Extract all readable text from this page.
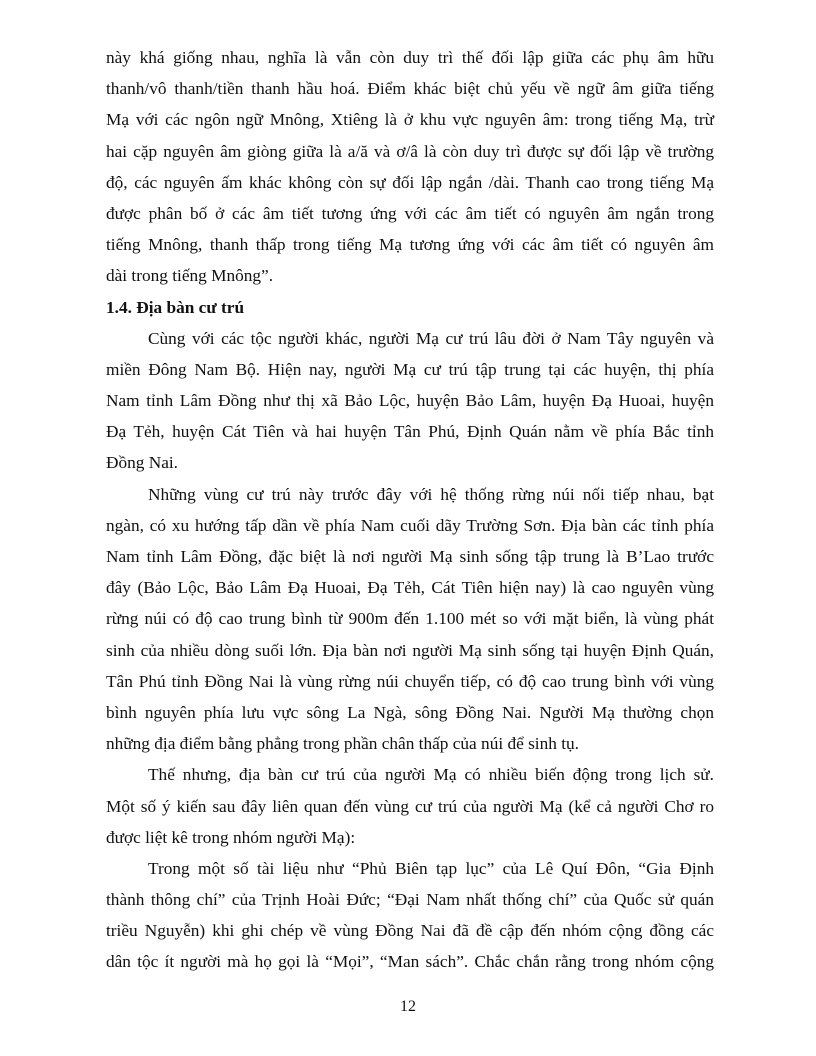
này khá giống nhau, nghĩa là vẫn còn duy trì thế đối lập giữa các phụ âm hữu
thanh/vô thanh/tiền thanh hầu hoá. Điểm khác biệt chủ yếu về ngữ âm giữa tiếng
Mạ với các ngôn ngữ Mnông, Xtiêng là ở khu vực nguyên âm: trong tiếng Mạ, trừ
hai cặp nguyên âm giòng giữa là a/ă và ơ/â là còn duy trì được sự đối lập về trường
độ, các nguyên ấm khác không còn sự đối lập ngắn /dài. Thanh cao trong tiếng Mạ
được phân bố ở các âm tiết tương ứng với các âm tiết có nguyên âm ngắn trong
tiếng Mnông, thanh thấp trong tiếng Mạ tương ứng với các âm tiết có nguyên âm
dài trong tiếng Mnông”.
1.4. Địa bàn cư trú
Cùng với các tộc người khác, người Mạ cư trú lâu đời ở Nam Tây nguyên và
miền Đông Nam Bộ. Hiện nay, người Mạ cư trú tập trung tại các huyện, thị phía
Nam tỉnh Lâm Đồng như thị xã Bảo Lộc, huyện Bảo Lâm, huyện Đạ Huoai, huyện
Đạ Tẻh, huyện Cát Tiên và hai huyện Tân Phú, Định Quán nằm về phía Bắc tỉnh
Đồng Nai.
Những vùng cư trú này trước đây với hệ thống rừng núi nối tiếp nhau, bạt
ngàn, có xu hướng tấp dần về phía Nam cuối dãy Trường Sơn. Địa bàn các tỉnh phía
Nam tỉnh Lâm Đồng, đặc biệt là nơi người Mạ sinh sống tập trung là B’Lao trước
đây (Bảo Lộc, Bảo Lâm Đạ Huoai, Đạ Tẻh, Cát Tiên hiện nay) là cao nguyên vùng
rừng núi có độ cao trung bình từ 900m đến 1.100 mét so với mặt biển, là vùng phát
sinh của nhiều dòng suối lớn. Địa bàn nơi người Mạ sinh sống tại huyện Định Quán,
Tân Phú tỉnh Đồng Nai là vùng rừng núi chuyển tiếp, có độ cao trung bình với vùng
bình nguyên phía lưu vực sông La Ngà, sông Đồng Nai. Người Mạ thường chọn
những địa điểm bằng phẳng trong phần chân thấp của núi để sinh tụ.
Thế nhưng, địa bàn cư trú của người Mạ có nhiều biến động trong lịch sử.
Một số ý kiến sau đây liên quan đến vùng cư trú của người Mạ (kể cả người Chơ ro
được liệt kê trong nhóm người Mạ):
Trong một số tài liệu như “Phủ Biên tạp lục” của Lê Quí Đôn, “Gia Định
thành thông chí” của Trịnh Hoài Đức; “Đại Nam nhất thống chí” của Quốc sử quán
triều Nguyễn) khi ghi chép về vùng Đồng Nai đã đề cập đến nhóm cộng đồng các
dân tộc ít người mà họ gọi là “Mọi”, “Man sách”. Chắc chắn rằng trong nhóm cộng
12
